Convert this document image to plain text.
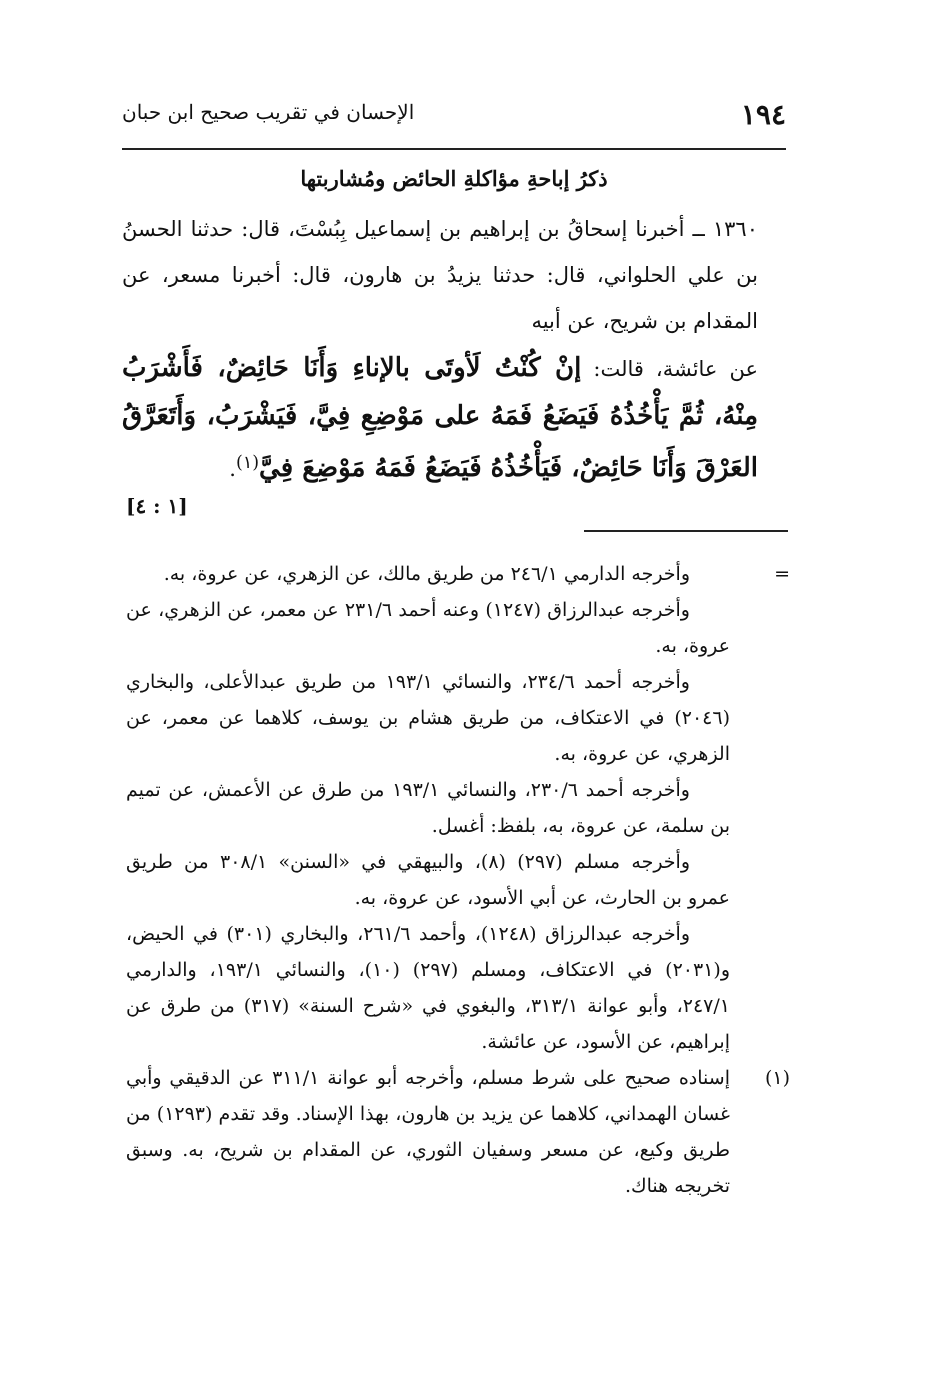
١٩٤
الإحسان في تقريب صحيح ابن حبان
ذكرُ إباحةِ مؤاكلةِ الحائض ومُشاربتها

١٣٦٠ ــ أخبرنا إسحاقُ بن إبراهيم بن إسماعيل بِبُسْتَ، قال: حدثنا الحسنُ بن علي الحلواني، قال: حدثنا يزيدُ بن هارون، قال: أخبرنا مسعر، عن المقدام بن شريح، عن أبيه

عن عائشة، قالت: إنْ كُنْتُ لَأوتَى بالإناءِ وَأَنَا حَائِضٌ، فَأَشْرَبُ مِنْهُ، ثُمَّ يَأْخُذُهُ فَيَضَعُ فَمَهُ على مَوْضِعِ فِيَّ، فَيَشْرَبُ، وَأَتَعَرَّقُ العَرْقَ وَأَنَا حَائِضٌ، فَيَأْخُذُهُ فَيَضَعُ فَمَهُ مَوْضِعَ فِيَّ$^{(١)}$.

[١ : ٤]
=

وأخرجه الدارمي ٢٤٦/١ من طريق مالك، عن الزهري، عن عروة، به.

وأخرجه عبدالرزاق (١٢٤٧) وعنه أحمد ٢٣١/٦ عن معمر، عن الزهري، عن عروة، به.

وأخرجه أحمد ٢٣٤/٦، والنسائي ١٩٣/١ من طريق عبدالأعلى، والبخاري (٢٠٤٦) في الاعتكاف، من طريق هشام بن يوسف، كلاهما عن معمر، عن الزهري، عن عروة، به.

وأخرجه أحمد ٢٣٠/٦، والنسائي ١٩٣/١ من طرق عن الأعمش، عن تميم بن سلمة، عن عروة، به، بلفظ: أغسل.

وأخرجه مسلم (٢٩٧) (٨)، والبيهقي في «السنن» ٣٠٨/١ من طريق عمرو بن الحارث، عن أبي الأسود، عن عروة، به.

وأخرجه عبدالرزاق (١٢٤٨)، وأحمد ٢٦١/٦، والبخاري (٣٠١) في الحيض، و(٢٠٣١) في الاعتكاف، ومسلم (٢٩٧) (١٠)، والنسائي ١٩٣/١، والدارمي ٢٤٧/١، وأبو عوانة ٣١٣/١، والبغوي في «شرح السنة» (٣١٧) من طرق عن إبراهيم، عن الأسود، عن عائشة.

(١)

إسناده صحيح على شرط مسلم، وأخرجه أبو عوانة ٣١١/١ عن الدقيقي وأبي غسان الهمداني، كلاهما عن يزيد بن هارون، بهذا الإسناد. وقد تقدم (١٢٩٣) من طريق وكيع، عن مسعر وسفيان الثوري، عن المقدام بن شريح، به. وسبق تخريجه هناك.
